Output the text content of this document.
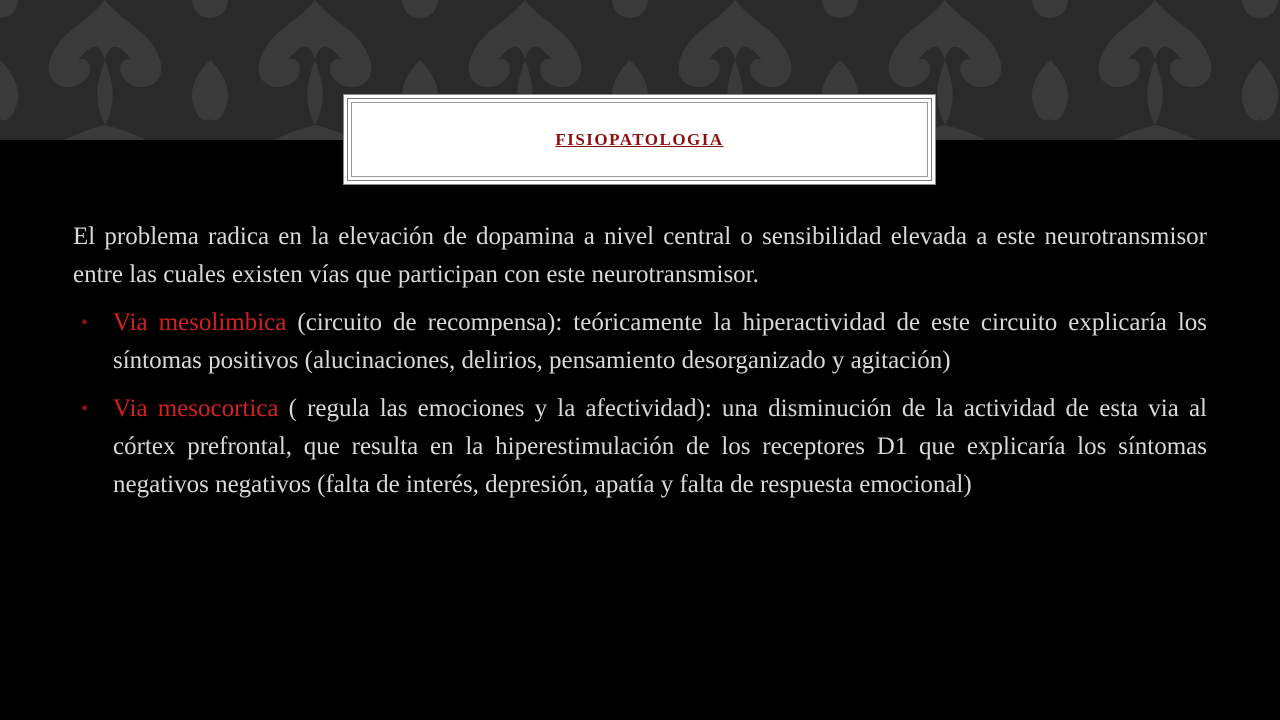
FISIOPATOLOGIA

El problema radica en la elevación de dopamina a nivel central o sensibilidad elevada a este neurotransmisor entre las cuales existen vías que participan con este neurotransmisor.

• Via mesolimbica (circuito de recompensa): teóricamente la hiperactividad de este circuito explicaría los síntomas positivos (alucinaciones, delirios, pensamiento desorganizado y agitación)
• Via mesocortica ( regula las emociones y la afectividad): una disminución de la actividad de esta via al córtex prefrontal, que resulta en la hiperestimulación de los receptores D1 que explicaría los síntomas negativos negativos (falta de interés, depresión, apatía y falta de respuesta emocional)
